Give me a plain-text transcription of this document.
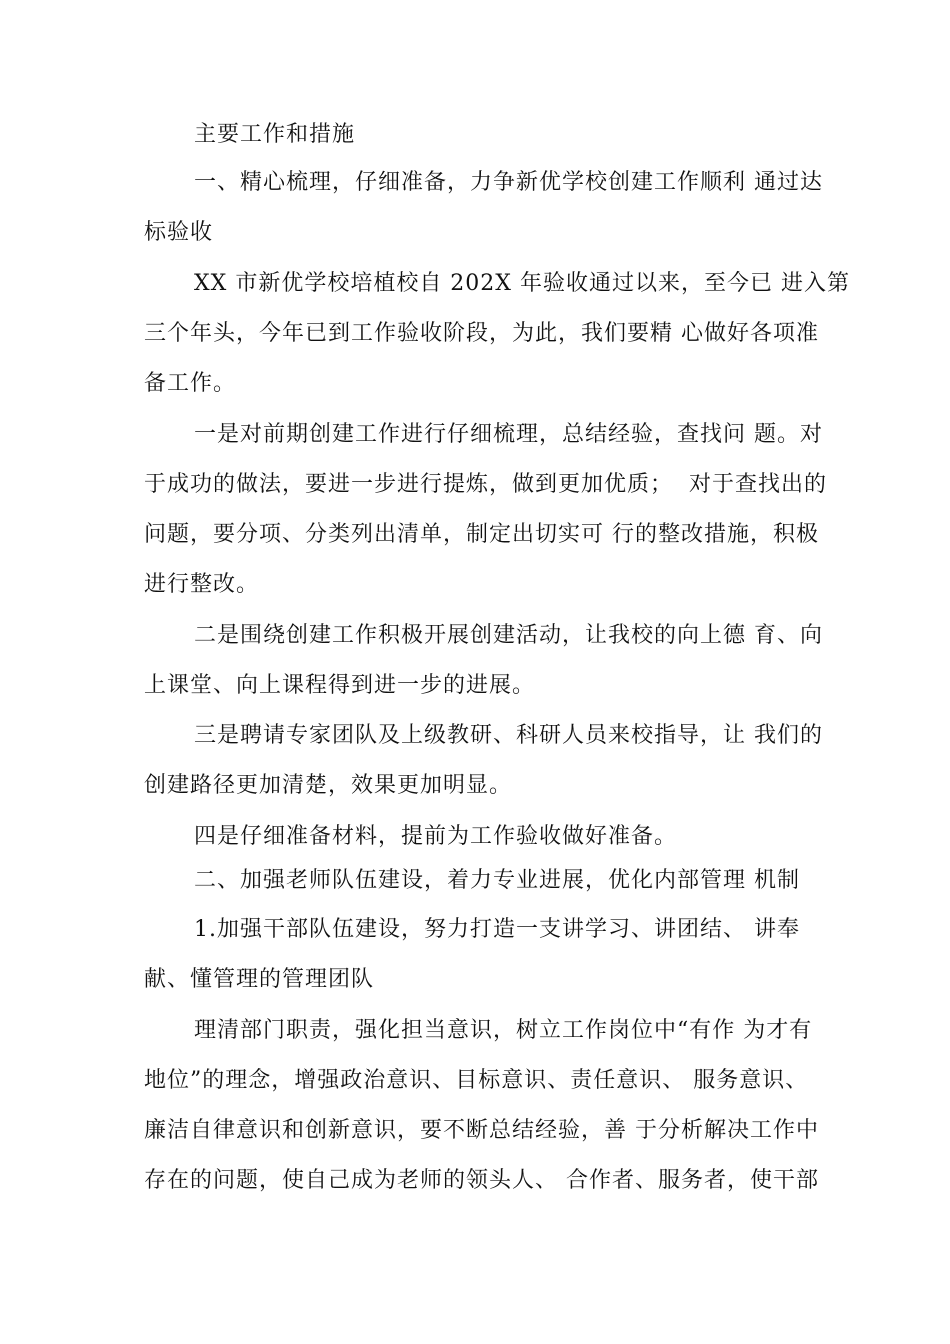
主要工作和措施
一、精心梳理，仔细准备，力争新优学校创建工作顺利 通过达
标验收
XX 市新优学校培植校自 202X 年验收通过以来，至今已 进入第
三个年头，今年已到工作验收阶段，为此，我们要精 心做好各项准
备工作。
一是对前期创建工作进行仔细梳理，总结经验，查找问 题。对
于成功的做法，要进一步进行提炼，做到更加优质；  对于查找出的
问题，要分项、分类列出清单，制定出切实可 行的整改措施，积极
进行整改。
二是围绕创建工作积极开展创建活动，让我校的向上德 育、向
上课堂、向上课程得到进一步的进展。
三是聘请专家团队及上级教研、科研人员来校指导，让 我们的
创建路径更加清楚，效果更加明显。
四是仔细准备材料，提前为工作验收做好准备。
二、加强老师队伍建设，着力专业进展，优化内部管理 机制
1.加强干部队伍建设，努力打造一支讲学习、讲团结、 讲奉
献、懂管理的管理团队
理清部门职责，强化担当意识，树立工作岗位中“有作 为才有
地位”的理念，增强政治意识、目标意识、责任意识、 服务意识、
廉洁自律意识和创新意识，要不断总结经验，善 于分析解决工作中
存在的问题，使自己成为老师的领头人、 合作者、服务者，使干部
